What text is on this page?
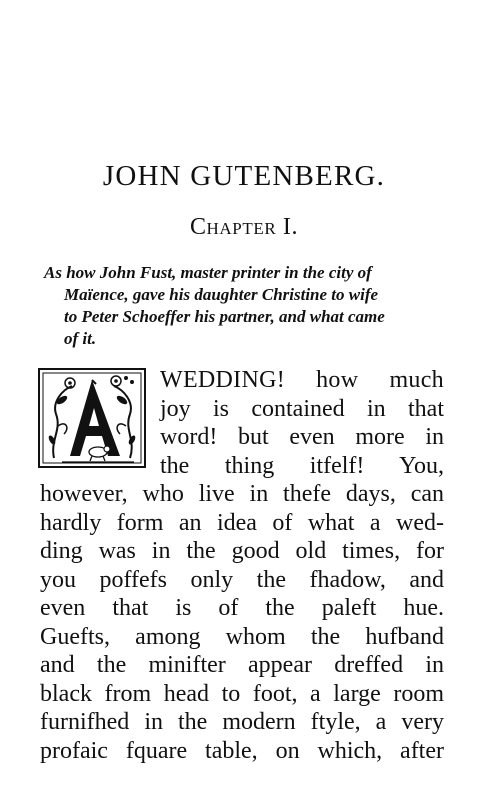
JOHN GUTENBERG.
Chapter I.

As how John Fust, master printer in the city of
Maïence, gave his daughter Christine to wife
to Peter Schoeffer his partner, and what came
of it.

WEDDING! how much
joy is contained in that
word! but even more in
the thing itfelf! You,
however, who live in thefe days, can
hardly form an idea of what a wed-
ding was in the good old times, for
you poffefs only the fhadow, and
even that is of the paleft hue.
Guefts, among whom the hufband
and the minifter appear dreffed in
black from head to foot, a large room
furnifhed in the modern ftyle, a very
profaic fquare table, on which, after
